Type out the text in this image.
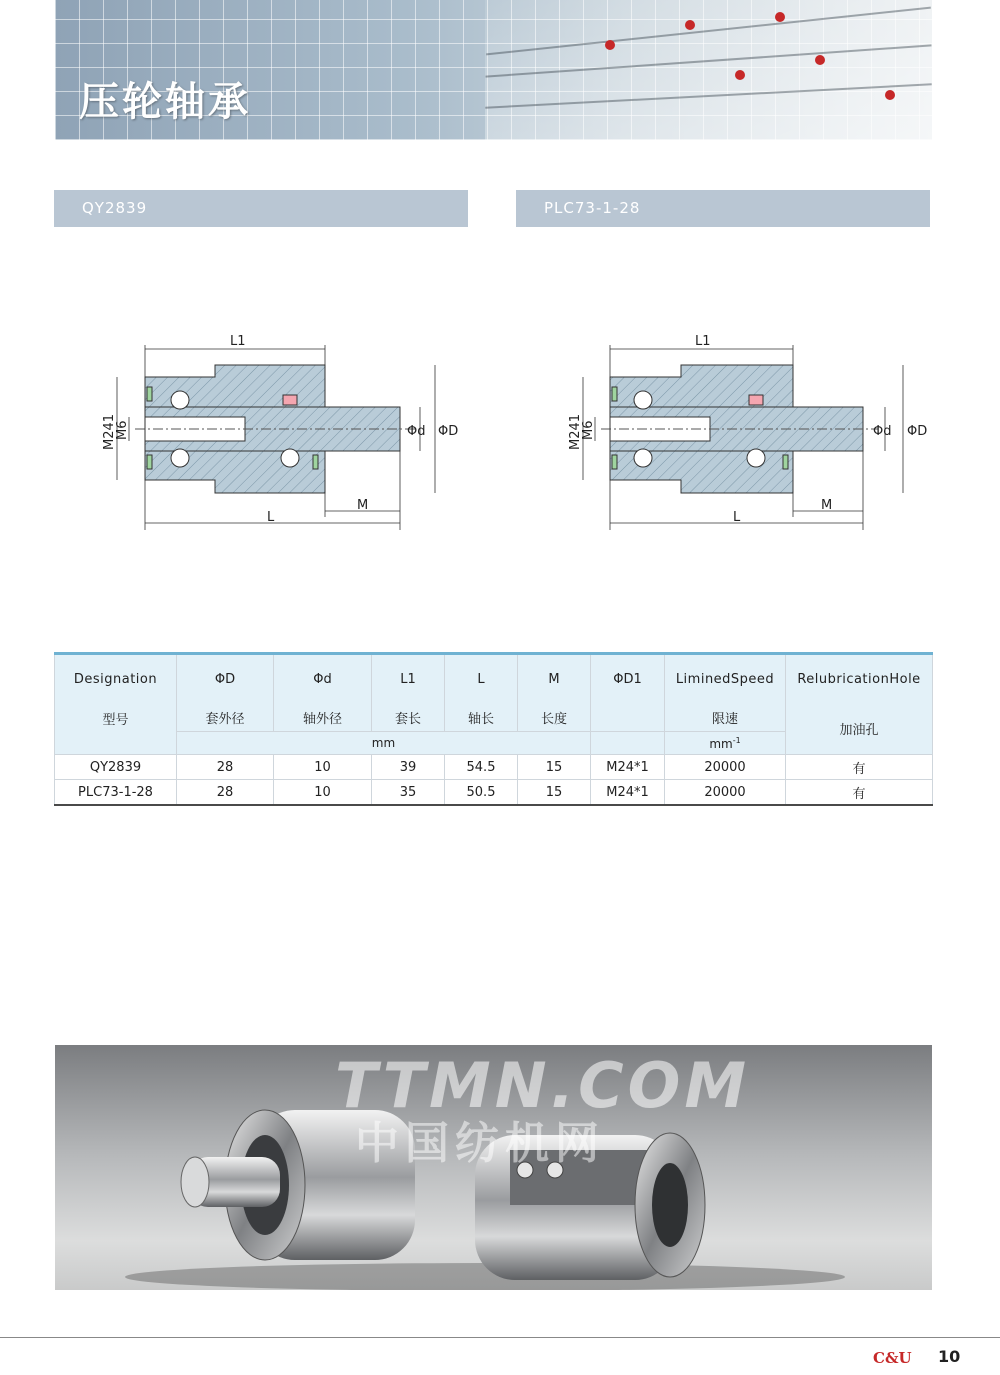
压轮轴承
QY2839	PLC73-1-28
L1
L
M
Φd ΦD
M241
M6
L1
L
M
Φd ΦD
M241
M6
Designation	ΦD	Φd	L1	L	M	ΦD1	LiminedSpeed	RelubricationHole
型号	套外径	轴外径	套长	轴长	长度		限速	加油孔
	mm						$mm^{-1}$
QY2839	28	10	39	54.5	15	M24*1	20000	有
PLC73-1-28	28	10	35	50.5	15	M24*1	20000	有
TTMN.COM
中国纺机网
C&U 10
